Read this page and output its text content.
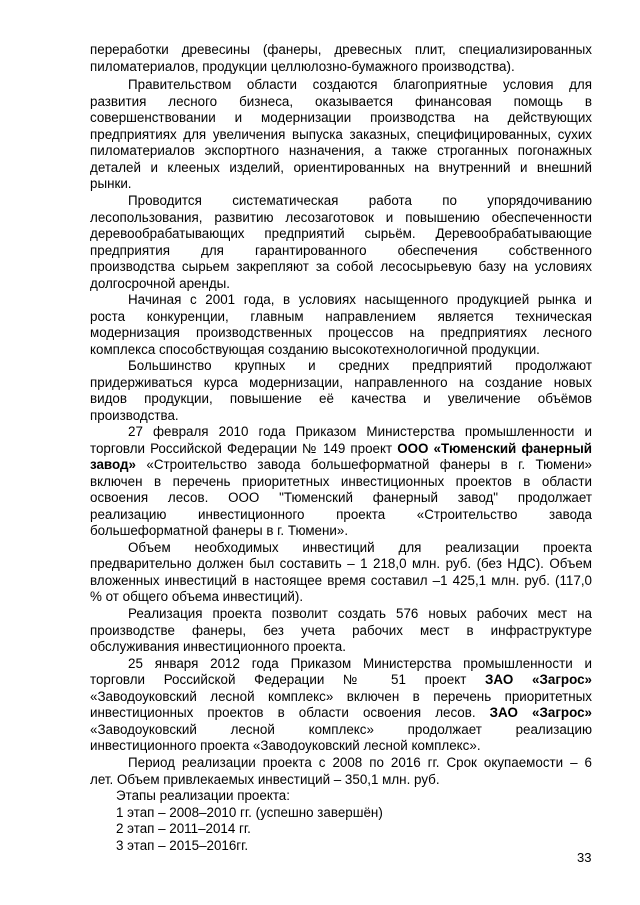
переработки древесины (фанеры, древесных плит, специализированных
пиломатериалов, продукции целлюлозно-бумажного производства).
Правительством области создаются благоприятные условия для
развития лесного бизнеса, оказывается финансовая помощь в
совершенствовании и модернизации производства на действующих
предприятиях для увеличения выпуска заказных, специфицированных, сухих
пиломатериалов экспортного назначения, а также строганных погонажных
деталей и клееных изделий, ориентированных на внутренний и внешний
рынки.
Проводится систематическая работа по упорядочиванию
лесопользования, развитию лесозаготовок и повышению обеспеченности
деревообрабатывающих предприятий сырьём. Деревообрабатывающие
предприятия для гарантированного обеспечения собственного
производства сырьем закрепляют за собой лесосырьевую базу на условиях
долгосрочной аренды.
Начиная с 2001 года, в условиях насыщенного продукцией рынка и
роста конкуренции, главным направлением является техническая
модернизация производственных процессов на предприятиях лесного
комплекса способствующая созданию высокотехнологичной продукции.
Большинство крупных и средних предприятий продолжают
придерживаться курса модернизации, направленного на создание новых
видов продукции, повышение её качества и увеличение объёмов
производства.
27 февраля 2010 года Приказом Министерства промышленности и
торговли Российской Федерации № 149 проект ООО «Тюменский фанерный
завод» «Строительство завода большеформатной фанеры в г. Тюмени»
включен в перечень приоритетных инвестиционных проектов в области
освоения лесов. ООО "Тюменский фанерный завод" продолжает
реализацию инвестиционного проекта «Строительство завода
большеформатной фанеры в г. Тюмени».
Объем необходимых инвестиций для реализации проекта
предварительно должен был составить – 1 218,0 млн. руб. (без НДС). Объем
вложенных инвестиций в настоящее время составил –1 425,1 млн. руб. (117,0
% от общего объема инвестиций).
Реализация проекта позволит создать 576 новых рабочих мест на
производстве фанеры, без учета рабочих мест в инфраструктуре
обслуживания инвестиционного проекта.
25 января 2012 года Приказом Министерства промышленности и
торговли Российской Федерации № 51 проект ЗАО «Загрос»
«Заводоуковский лесной комплекс» включен в перечень приоритетных
инвестиционных проектов в области освоения лесов. ЗАО «Загрос»
«Заводоуковский лесной комплекс» продолжает реализацию
инвестиционного проекта «Заводоуковский лесной комплекс».
Период реализации проекта с 2008 по 2016 гг. Срок окупаемости – 6
лет. Объем привлекаемых инвестиций – 350,1 млн. руб.
Этапы реализации проекта:
1 этап – 2008–2010 гг. (успешно завершён)
2 этап – 2011–2014 гг.
3 этап – 2015–2016гг.
33
